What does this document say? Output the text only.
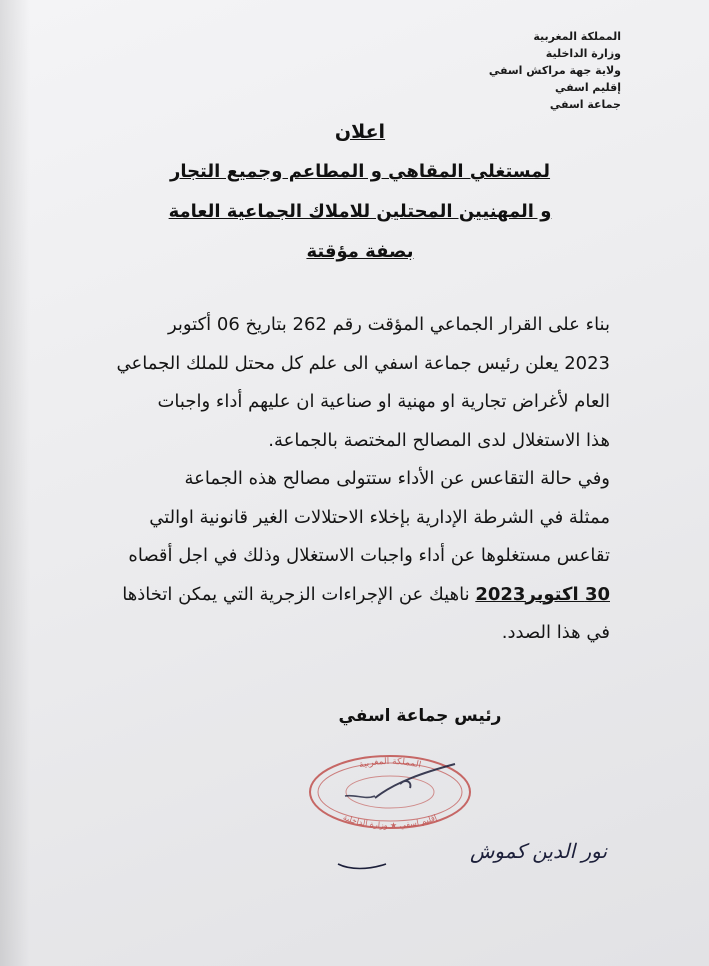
المملكة المغربية
وزارة الداخلية
ولاية جهة مراكش اسفي
إقليم اسفي
جماعة اسفي
اعلان
لمستغلي المقاهي و المطاعم وجميع التجار
و المهنيين المحتلين للاملاك الجماعية العامة
بصفة مؤقتة
بناء على القرار الجماعي المؤقت رقم 262 بتاريخ 06 أكتوبر
2023 يعلن رئيس جماعة اسفي الى علم كل محتل للملك الجماعي
العام لأغراض تجارية او مهنية او صناعية ان عليهم أداء واجبات
هذا الاستغلال لدى المصالح المختصة بالجماعة.
وفي حالة التقاعس عن الأداء ستتولى مصالح هذه الجماعة
ممثلة في الشرطة الإدارية بإخلاء الاحتلالات الغير قانونية اوالتي
تقاعس مستغلوها عن أداء واجبات الاستغلال وذلك في اجل أقصاه
30 اكتوبر2023 ناهيك عن الإجراءات الزجرية التي يمكن اتخاذها
في هذا الصدد.
رئيس جماعة اسفي
المملكة المغربية
إقليم اسفي ★ وزارة الداخلية
نور الدين كموش
